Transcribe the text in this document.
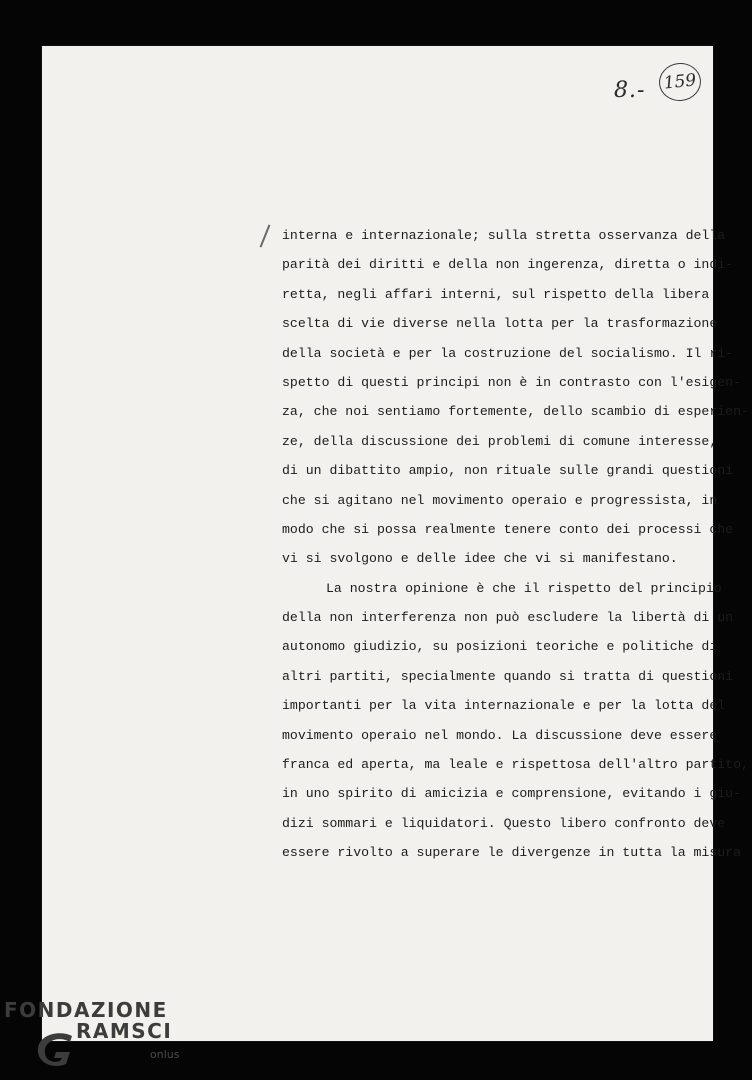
8.-	159
interna e internazionale; sulla stretta osservanza della
parità dei diritti e della non ingerenza, diretta o indi-
retta, negli affari interni, sul rispetto della libera
scelta di vie diverse nella lotta per la trasformazione
della società e per la costruzione del socialismo. Il ri-
spetto di questi principi non è in contrasto con l'esigen-
za, che noi sentiamo fortemente, dello scambio di esperien-
ze, della discussione dei problemi di comune interesse,
di un dibattito ampio, non rituale sulle grandi questioni
che si agitano nel movimento operaio e progressista, in
modo che si possa realmente tenere conto dei processi che
vi si svolgono e delle idee che vi si manifestano.
La nostra opinione è che il rispetto del principio
della non interferenza non può escludere la libertà di un
autonomo giudizio, su posizioni teoriche e politiche di
altri partiti, specialmente quando si tratta di questioni
importanti per la vita internazionale e per la lotta del
movimento operaio nel mondo. La discussione deve essere
franca ed aperta, ma leale e rispettosa dell'altro partito,
in uno spirito di amicizia e comprensione, evitando i giu-
dizi sommari e liquidatori. Questo libero confronto deve
essere rivolto a superare le divergenze in tutta la misura
FONDAZIONE
RAMSCI
onlus
